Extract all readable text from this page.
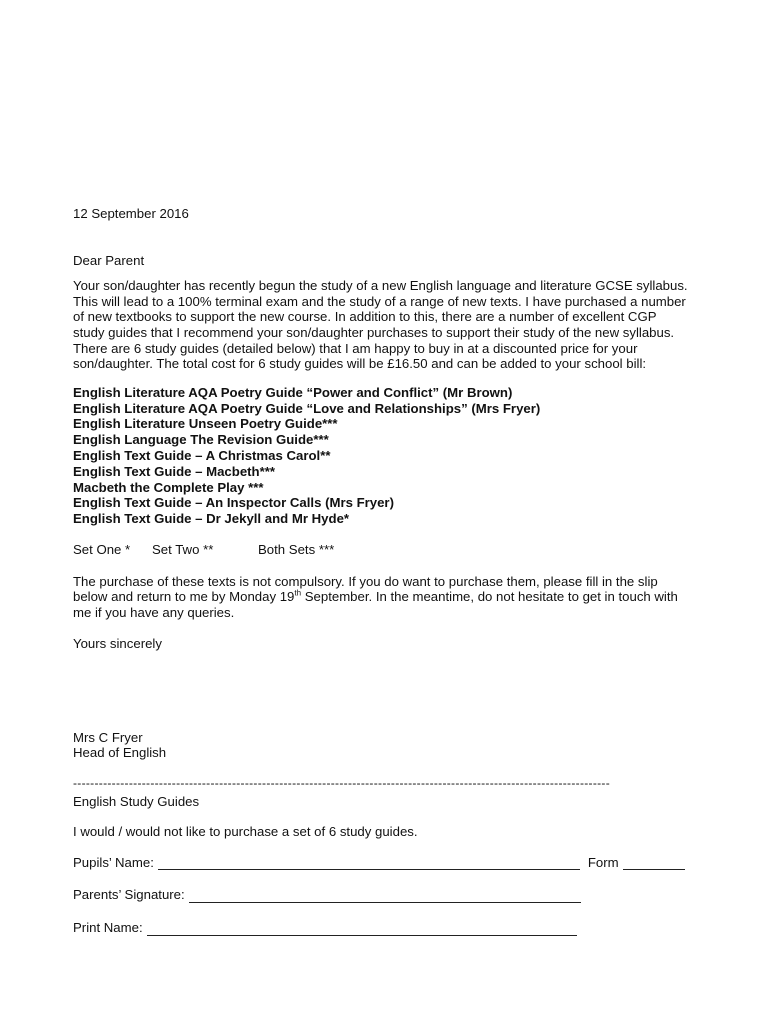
12 September 2016

Dear Parent

Your son/daughter has recently begun the study of a new English language and literature GCSE syllabus.

This will lead to a 100% terminal exam and the study of a range of new texts. I have purchased a number

of new textbooks to support the new course. In addition to this, there are a number of excellent CGP

study guides that I recommend your son/daughter purchases to support their study of the new syllabus.

There are 6 study guides (detailed below) that I am happy to buy in at a discounted price for your

son/daughter. The total cost for 6 study guides will be £16.50 and can be added to your school bill:

English Literature AQA Poetry Guide “Power and Conflict” (Mr Brown)

English Literature AQA Poetry Guide “Love and Relationships” (Mrs Fryer)

English Literature Unseen Poetry Guide***

English Language The Revision Guide***

English Text Guide – A Christmas Carol**

English Text Guide – Macbeth***

Macbeth the Complete Play ***

English Text Guide – An Inspector Calls (Mrs Fryer)

English Text Guide – Dr Jekyll and Mr Hyde*

Set One *	Set Two **	Both Sets ***

The purchase of these texts is not compulsory. If you do want to purchase them, please fill in the slip

below and return to me by Monday 19th September. In the meantime, do not hesitate to get in touch with

me if you have any queries.

Yours sincerely

Mrs C Fryer

Head of English

-----------------------------------------------------------------------------------------------------------------------------

English Study Guides

I would / would not like to purchase a set of 6 study guides.

Pupils’ Name:	Form
Parents’ Signature:
Print Name:
